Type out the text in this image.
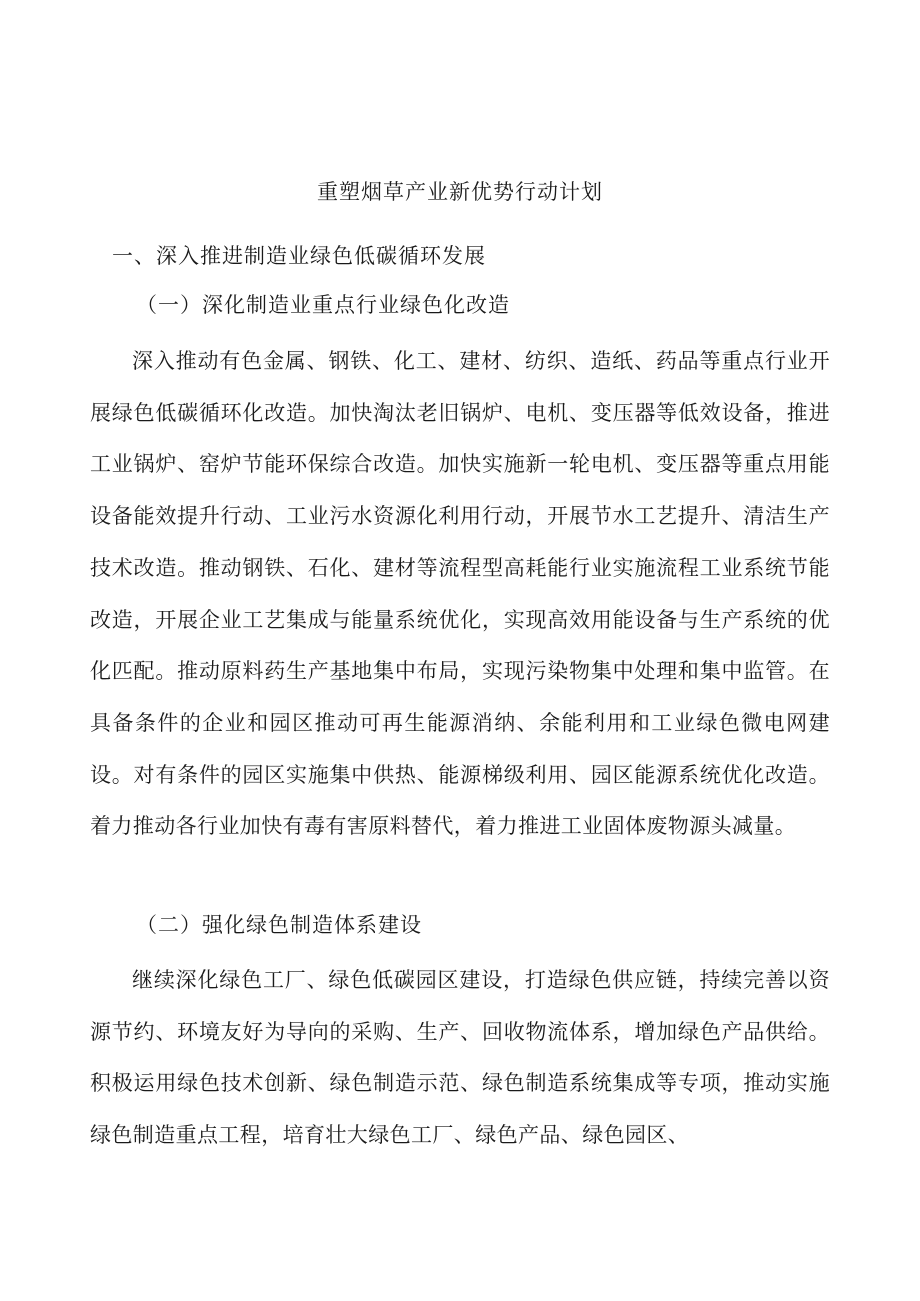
重塑烟草产业新优势行动计划
一、深入推进制造业绿色低碳循环发展
（一）深化制造业重点行业绿色化改造

深入推动有色金属、钢铁、化工、建材、纺织、造纸、药品等重点行业开展绿色低碳循环化改造。加快淘汰老旧锅炉、电机、变压器等低效设备，推进工业锅炉、窑炉节能环保综合改造。加快实施新一轮电机、变压器等重点用能设备能效提升行动、工业污水资源化利用行动，开展节水工艺提升、清洁生产技术改造。推动钢铁、石化、建材等流程型高耗能行业实施流程工业系统节能改造，开展企业工艺集成与能量系统优化，实现高效用能设备与生产系统的优化匹配。推动原料药生产基地集中布局，实现污染物集中处理和集中监管。在具备条件的企业和园区推动可再生能源消纳、余能利用和工业绿色微电网建设。对有条件的园区实施集中供热、能源梯级利用、园区能源系统优化改造。着力推动各行业加快有毒有害原料替代，着力推进工业固体废物源头减量。

（二）强化绿色制造体系建设

继续深化绿色工厂、绿色低碳园区建设，打造绿色供应链，持续完善以资源节约、环境友好为导向的采购、生产、回收物流体系，增加绿色产品供给。积极运用绿色技术创新、绿色制造示范、绿色制造系统集成等专项，推动实施绿色制造重点工程，培育壮大绿色工厂、绿色产品、绿色园区、
